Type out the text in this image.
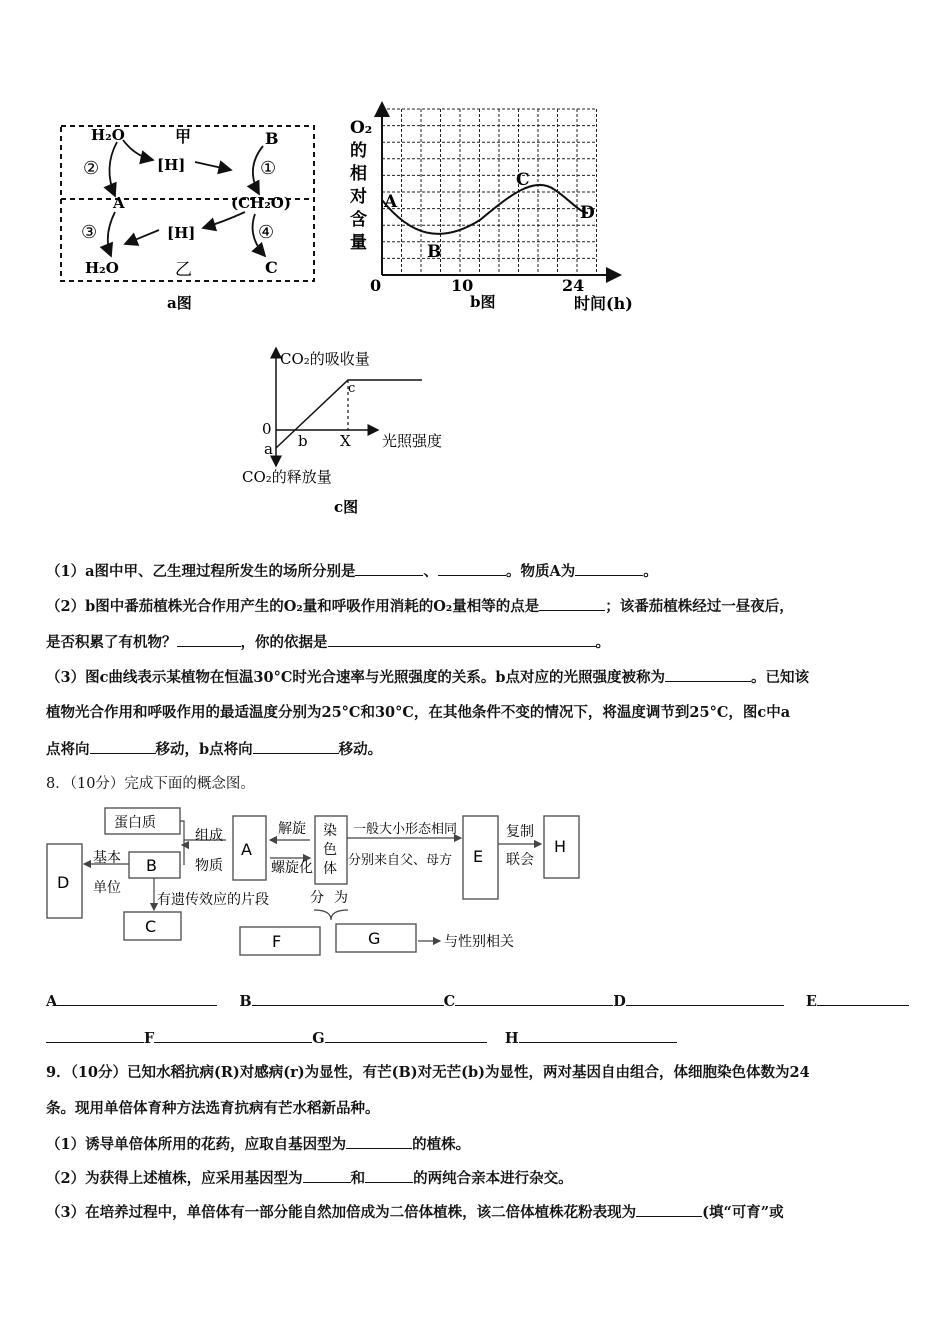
H₂O	甲	B
②	[H]	①
A	(CH₂O)
③	[H]	④
H₂O	乙	C
a图
O₂
的
相
对
含
量
A
B
C
D
0	10	24
b图	时间(h)
CO₂的吸收量
0
a b
c
X 光照强度
CO₂的释放量
c图
（1）a图中甲、乙生理过程所发生的场所分别是	、	。物质A为	。
（2）b图中番茄植株光合作用产生的O₂量和呼吸作用消耗的O₂量相等的点是	；该番茄植株经过一昼夜后，
是否积累了有机物？	，你的依据是	。
（3）图c曲线表示某植物在恒温30°C时光合速率与光照强度的关系。b点对应的光照强度被称为	。已知该
植物光合作用和呼吸作用的最适温度分别为25°C和30°C，在其他条件不变的情况下，将温度调节到25°C，图c中a
点将向	移动，b点将向	移动。
8．（10分）完成下面的概念图。
蛋白质
组成
物质
A
解旋
螺旋化
染
色
体
一般大小形态相同
分别来自父、母方 E
复制
联会
H
D
基本
单位
B
有遗传效应的片段
C
分 为
F	G	与性别相关
A	B	C	D	E
F	G	H
9．（10分）已知水稻抗病(R)对感病(r)为显性，有芒(B)对无芒(b)为显性，两对基因自由组合，体细胞染色体数为24
条。现用单倍体育种方法选育抗病有芒水稻新品种。
（1）诱导单倍体所用的花药，应取自基因型为	的植株。
（2）为获得上述植株，应采用基因型为	和	的两纯合亲本进行杂交。
（3）在培养过程中，单倍体有一部分能自然加倍成为二倍体植株，该二倍体植株花粉表现为	(填“可育”或
